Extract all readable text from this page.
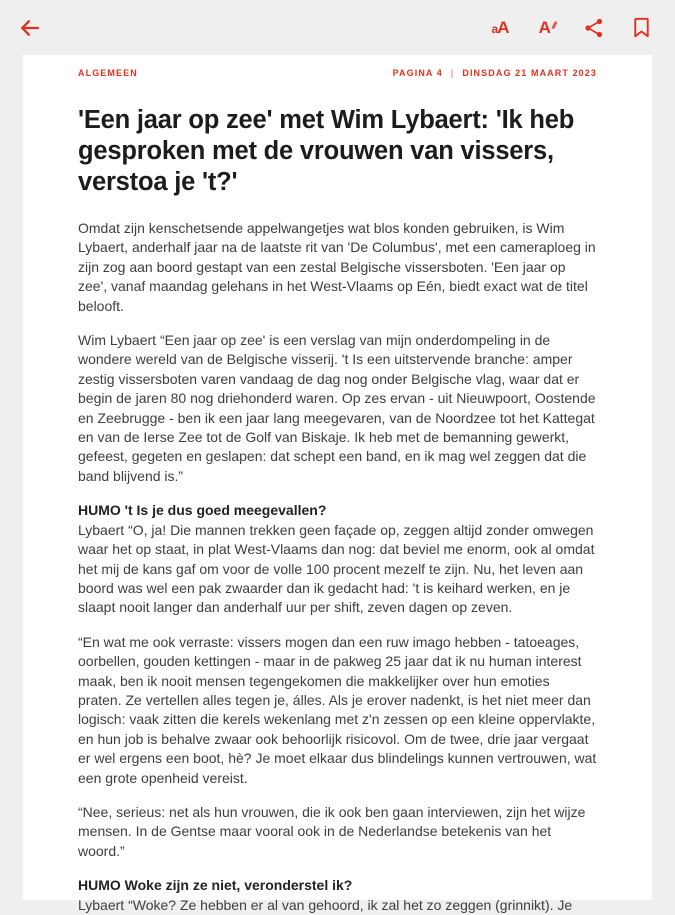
a A A
ALGEMEEN	PAGINA 4 | DINSDAG 21 MAART 2023
'Een jaar op zee' met Wim Lybaert: 'Ik heb gesproken met de vrouwen van vissers, verstoa je 't?'

Omdat zijn kenschetsende appelwangetjes wat blos konden gebruiken, is Wim Lybaert, anderhalf jaar na de laatste rit van 'De Columbus', met een cameraploeg in zijn zog aan boord gestapt van een zestal Belgische vissersboten. 'Een jaar op zee', vanaf maandag gelehans in het West-Vlaams op Eén, biedt exact wat de titel belooft.

Wim Lybaert “Een jaar op zee' is een verslag van mijn onderdompeling in de wondere wereld van de Belgische visserij. 't Is een uitstervende branche: amper zestig vissersboten varen vandaag de dag nog onder Belgische vlag, waar dat er begin de jaren 80 nog driehonderd waren. Op zes ervan - uit Nieuwpoort, Oostende en Zeebrugge - ben ik een jaar lang meegevaren, van de Noordzee tot het Kattegat en van de Ierse Zee tot de Golf van Biskaje. Ik heb met de bemanning gewerkt, gefeest, gegeten en geslapen: dat schept een band, en ik mag wel zeggen dat die band blijvend is.”

HUMO 't Is je dus goed meegevallen?

Lybaert “O, ja! Die mannen trekken geen façade op, zeggen altijd zonder omwegen waar het op staat, in plat West-Vlaams dan nog: dat beviel me enorm, ook al omdat het mij de kans gaf om voor de volle 100 procent mezelf te zijn. Nu, het leven aan boord was wel een pak zwaarder dan ik gedacht had: 't is keihard werken, en je slaapt nooit langer dan anderhalf uur per shift, zeven dagen op zeven.

“En wat me ook verraste: vissers mogen dan een ruw imago hebben - tatoeages, oorbellen, gouden kettingen - maar in de pakweg 25 jaar dat ik nu human interest maak, ben ik nooit mensen tegengekomen die makkelijker over hun emoties praten. Ze vertellen alles tegen je, álles. Als je erover nadenkt, is het niet meer dan logisch: vaak zitten die kerels wekenlang met z'n zessen op een kleine oppervlakte, en hun job is behalve zwaar ook behoorlijk risicovol. Om de twee, drie jaar vergaat er wel ergens een boot, hè? Je moet elkaar dus blindelings kunnen vertrouwen, wat een grote openheid vereist.

“Nee, serieus: net als hun vrouwen, die ik ook ben gaan interviewen, zijn het wijze mensen. In de Gentse maar vooral ook in de Nederlandse betekenis van het woord.”

HUMO Woke zijn ze niet, veronderstel ik?

Lybaert “Woke? Ze hebben er al van gehoord, ik zal het zo zeggen (grinnikt). Je
